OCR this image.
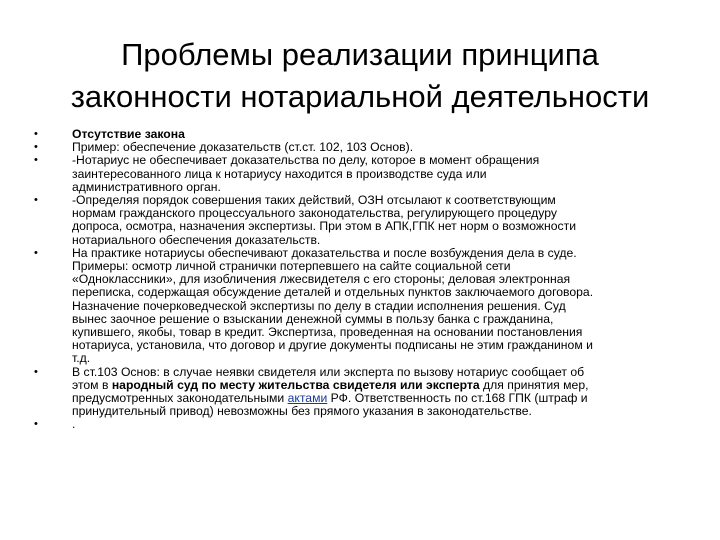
Проблемы реализации принципа
законности нотариальной деятельности
•	Отсутствие закона
•	Пример: обеспечение доказательств (ст.ст. 102, 103 Основ).
•	-Нотариус не обеспечивает доказательства по делу, которое в момент обращения
заинтересованного лица к нотариусу находится в производстве суда или
административного орган.
•	-Определяя порядок совершения таких действий, ОЗН отсылают к соответствующим
нормам гражданского процессуального законодательства, регулирующего процедуру
допроса, осмотра, назначения экспертизы. При этом в АПК,ГПК нет норм о возможности
нотариального обеспечения доказательств.
•	На практике нотариусы обеспечивают доказательства и после возбуждения дела в суде.
Примеры: осмотр личной странички потерпевшего на сайте социальной сети
«Одноклассники», для изобличения лжесвидетеля с его стороны; деловая электронная
переписка, содержащая обсуждение деталей и отдельных пунктов заключаемого договора.
Назначение почерковедческой экспертизы по делу в стадии исполнения решения. Суд
вынес заочное решение о взыскании денежной суммы в пользу банка с гражданина,
купившего, якобы, товар в кредит. Экспертиза, проведенная на основании постановления
нотариуса, установила, что договор и другие документы подписаны не этим гражданином и
т.д.
•	В ст.103 Основ: в случае неявки свидетеля или эксперта по вызову нотариус сообщает об
этом в народный суд по месту жительства свидетеля или эксперта для принятия мер,
предусмотренных законодательными актами РФ. Ответственность по ст.168 ГПК (штраф и
принудительный привод) невозможны без прямого указания в законодательстве.
•	.
